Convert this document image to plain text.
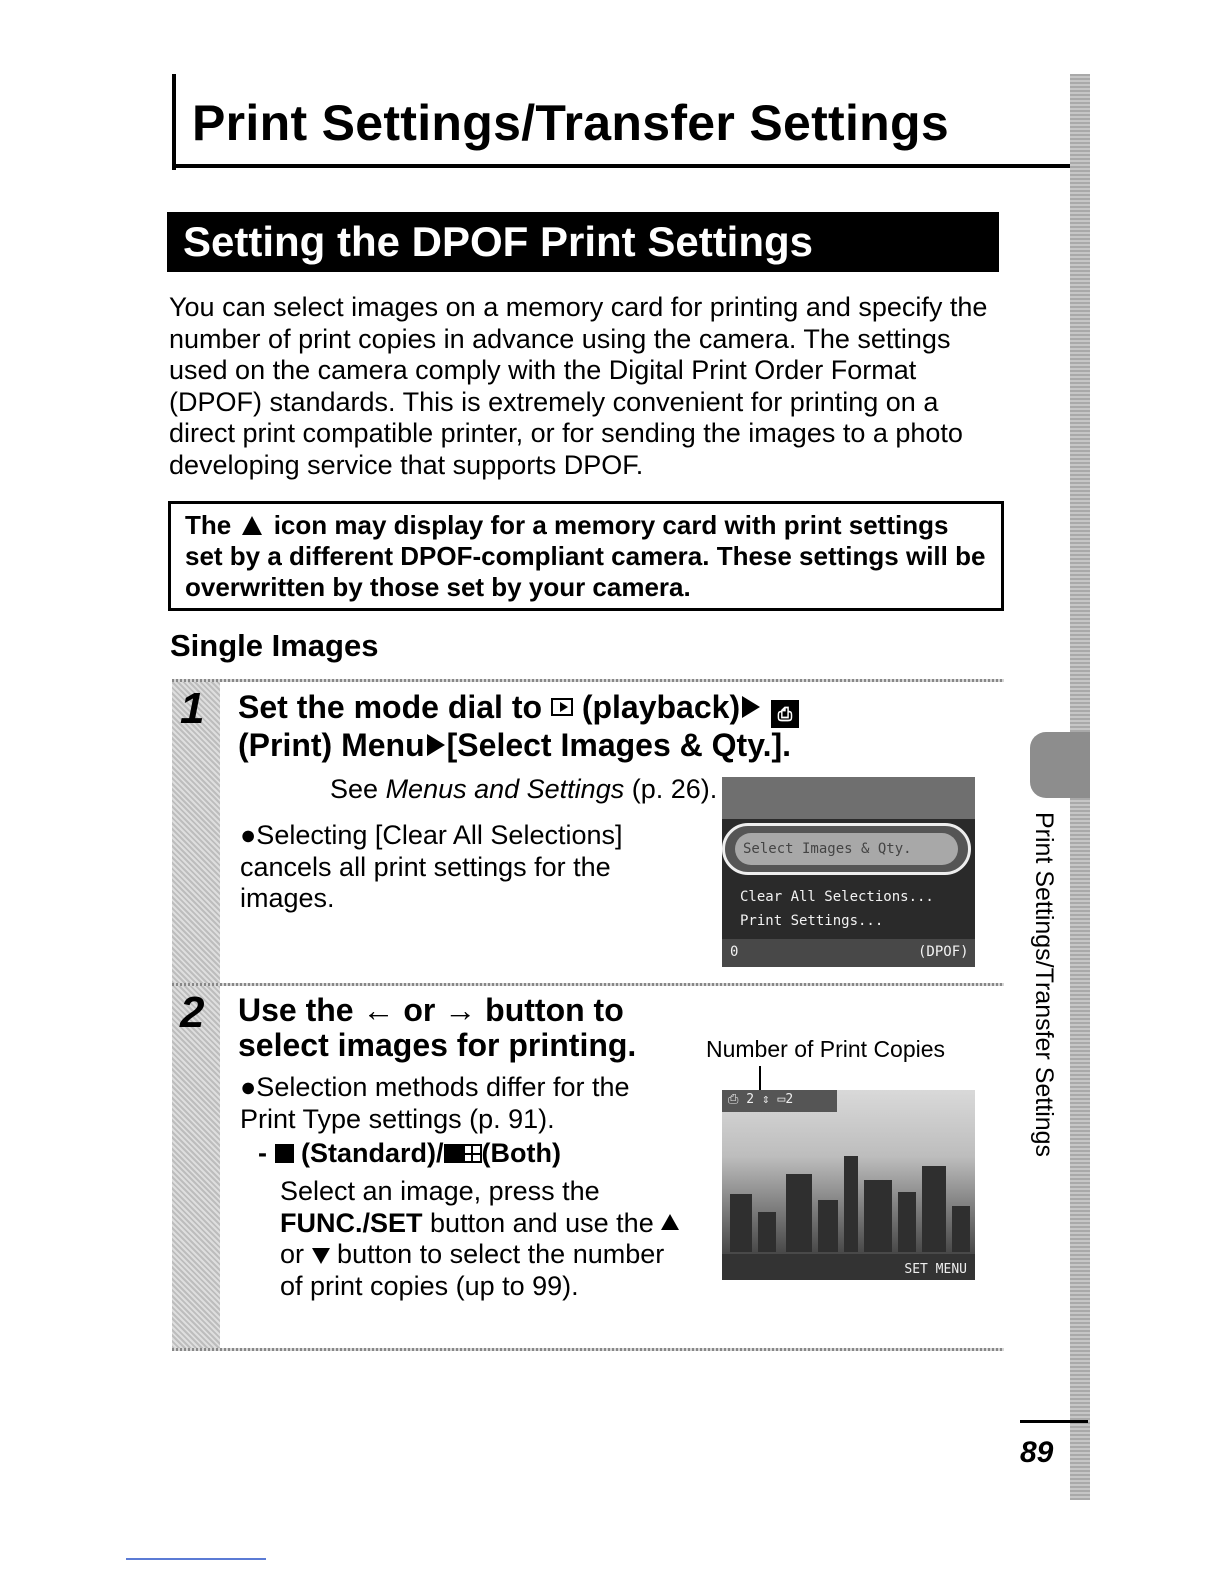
Print Settings/Transfer Settings
Print Settings/Transfer Settings
Setting the DPOF Print Settings
You can select images on a memory card for printing and specify the number of print copies in advance using the camera. The settings used on the camera comply with the Digital Print Order Format (DPOF) standards. This is extremely convenient for printing on a direct print compatible printer, or for sending the images to a photo developing service that supports DPOF.
The icon may display for a memory card with print settings set by a different DPOF-compliant camera. These settings will be overwritten by those set by your camera.
Single Images
1 Set the mode dial to (playback) ⎙
(Print) Menu [Select Images & Qty.].
See Menus and Settings (p. 26).
●Selecting [Clear All Selections] cancels all print settings for the images.
Select Images & Qty.
Clear All Selections...
Print Settings...
0	(DPOF)
2 Use the ← or → button to
select images for printing.
●Selection methods differ for the Print Type settings (p. 91).
-  (Standard)/ (Both)
Select an image, press the FUNC./SET button and use the  or button to select the number of print copies (up to 99).
Number of Print Copies
⎙ 2 ⇕ ▭2
SET MENU
89
